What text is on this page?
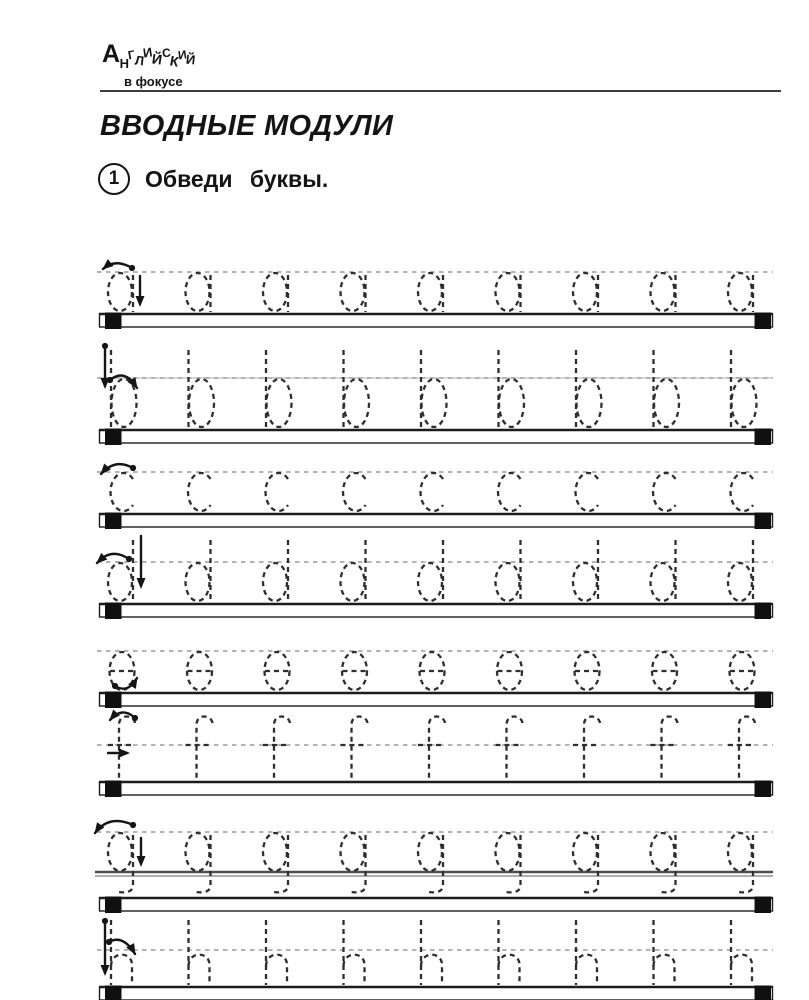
АНГЛИЙСКИЙ
в фокусе
ВВОДНЫЕ МОДУЛИ
1 Обведи буквы.
